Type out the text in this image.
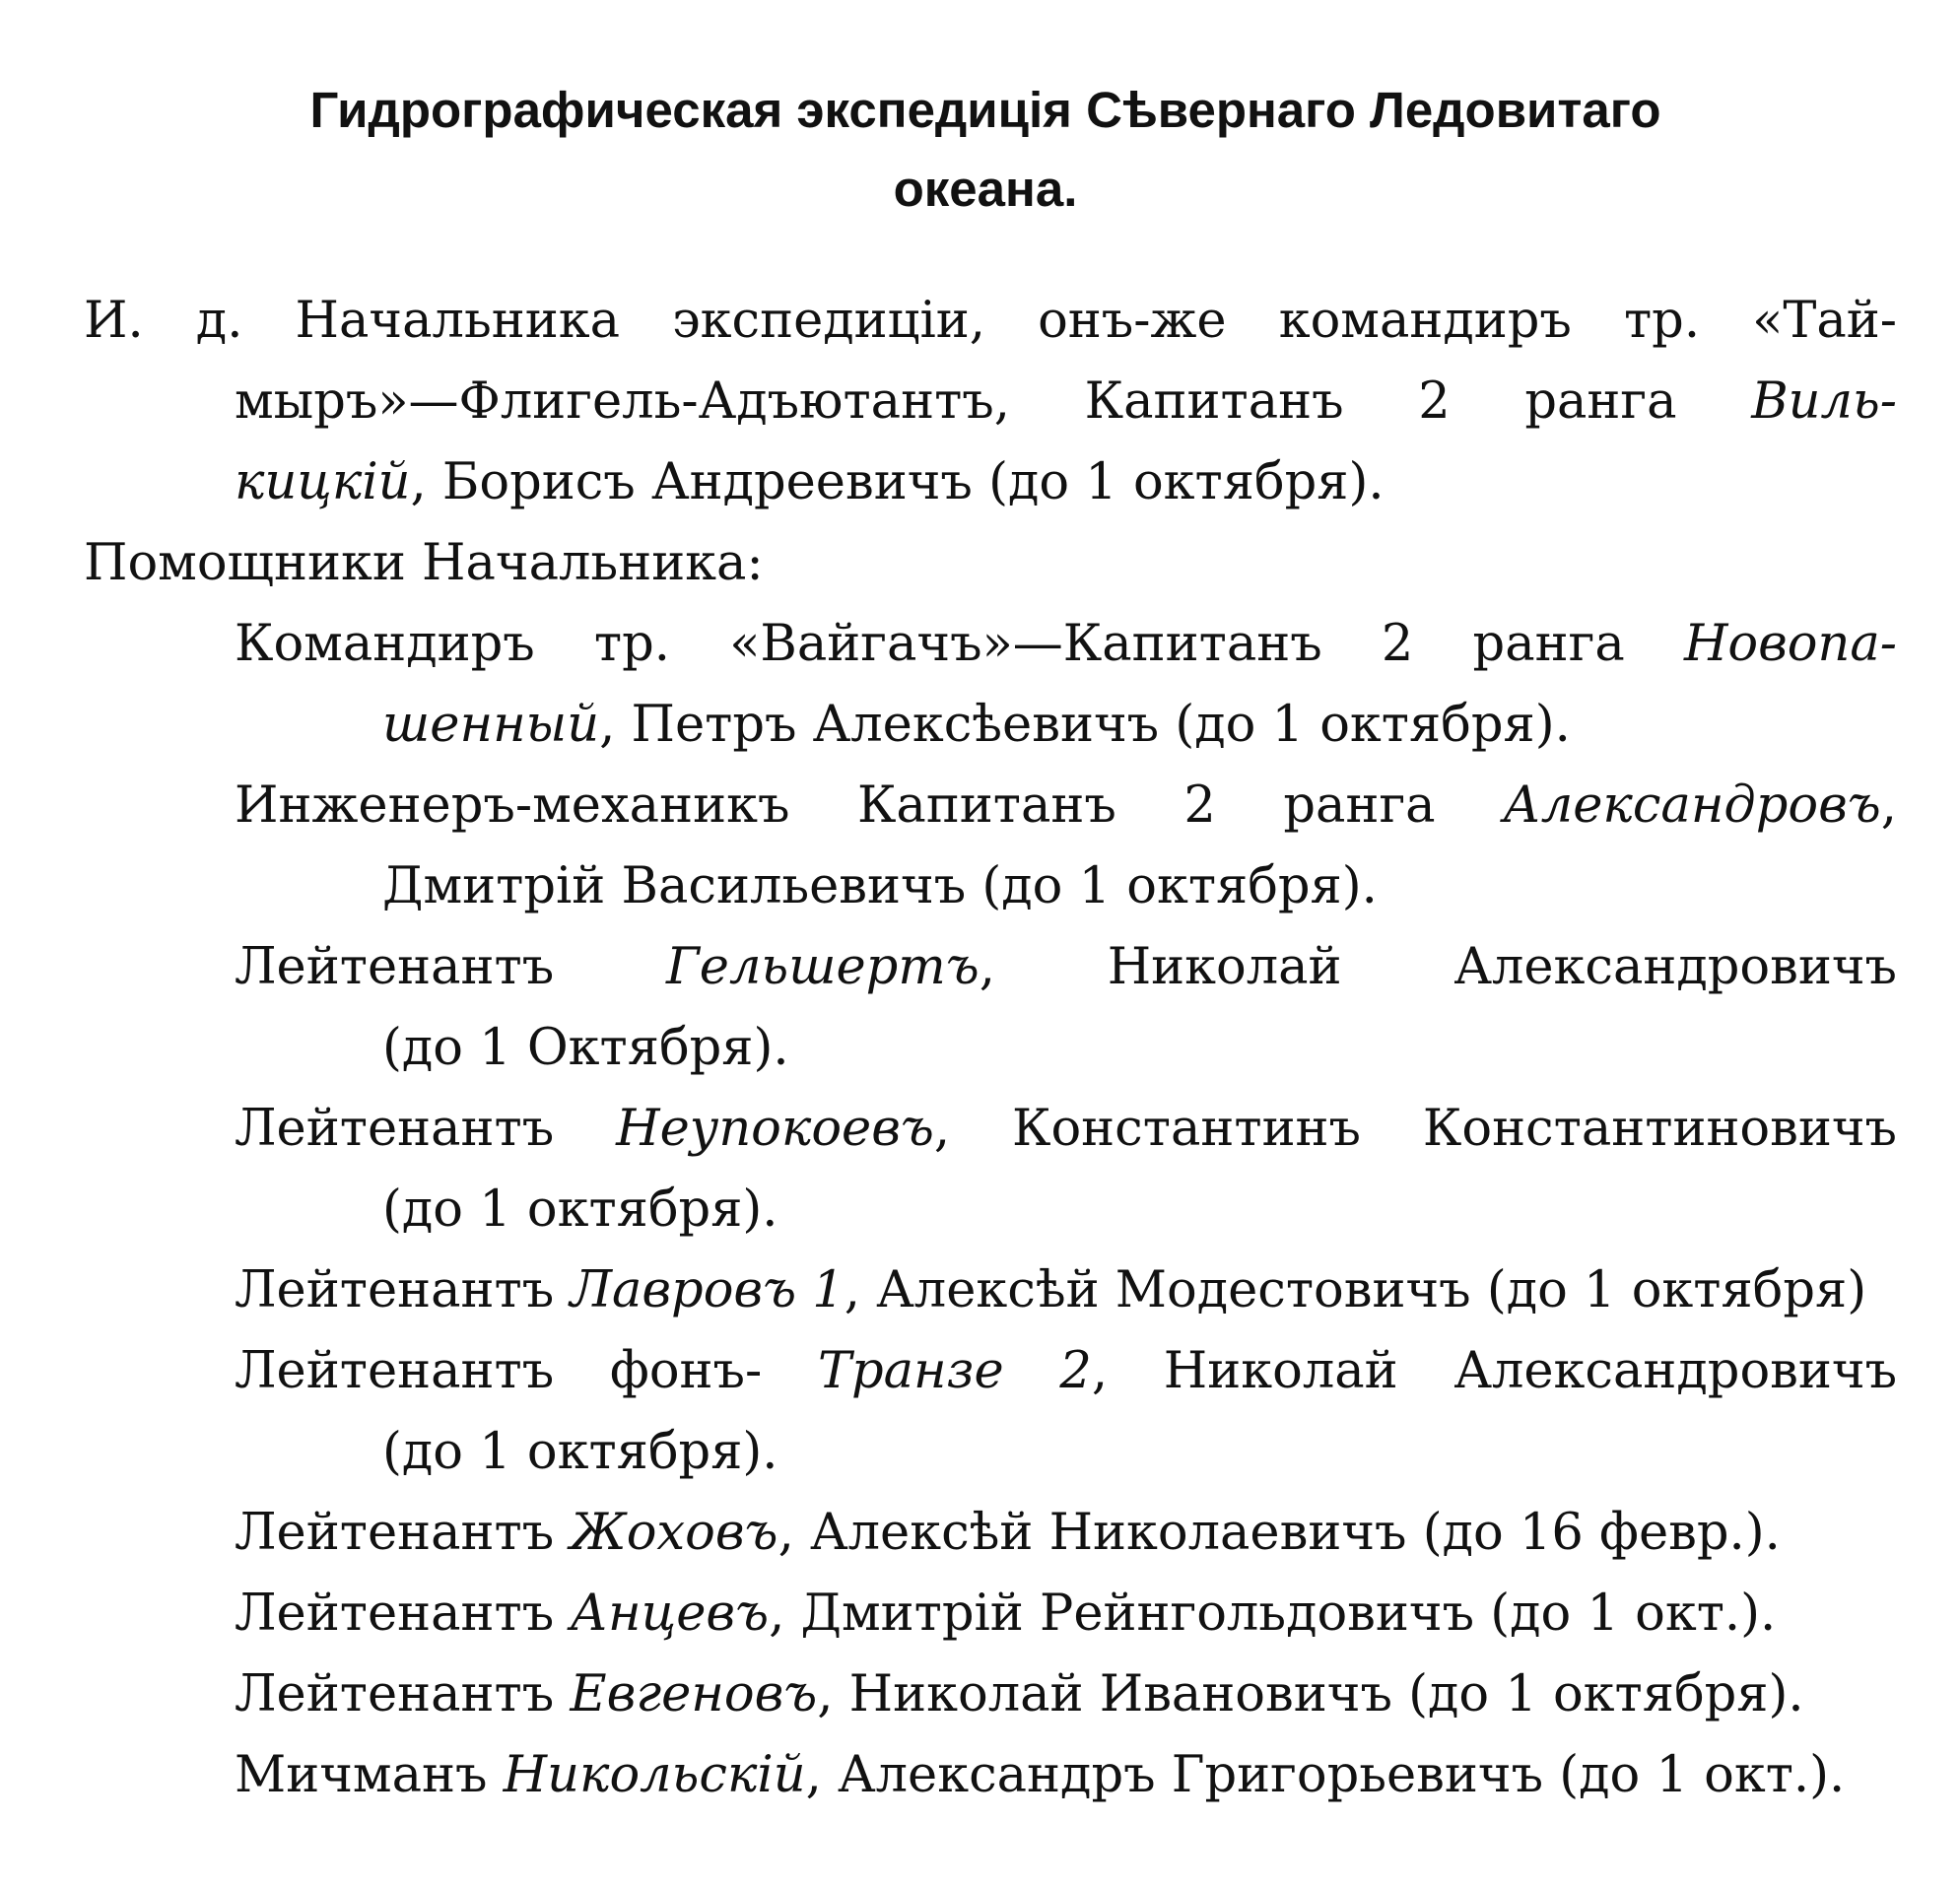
Гидрографическая экспедиція Сѣвернаго Ледовитаго
океана.
И. д. Начальника экспедиціи, онъ-же командиръ тр. «Тай-
мыръ»—Флигель-Адъютантъ, Капитанъ 2 ранга Виль-
кицкій, Борисъ Андреевичъ (до 1 октября).
Помощники Начальника:
Командиръ тр. «Вайгачъ»—Капитанъ 2 ранга Новопа-
шенный, Петръ Алексѣевичъ (до 1 октября).
Инженеръ-механикъ Капитанъ 2 ранга Александровъ,
Дмитрій Васильевичъ (до 1 октября).
Лейтенантъ Гельшертъ, Николай Александровичъ
(до 1 Октября).
Лейтенантъ Неупокоевъ, Константинъ Константиновичъ
(до 1 октября).
Лейтенантъ Лавровъ 1, Алексѣй Модестовичъ (до 1 октября)
Лейтенантъ фонъ- Транзе 2, Николай Александровичъ
(до 1 октября).
Лейтенантъ Жоховъ, Алексѣй Николаевичъ (до 16 февр.).
Лейтенантъ Анцевъ, Дмитрій Рейнгольдовичъ (до 1 окт.).
Лейтенантъ Евгеновъ, Николай Ивановичъ (до 1 октября).
Мичманъ Никольскій, Александръ Григорьевичъ (до 1 окт.).
